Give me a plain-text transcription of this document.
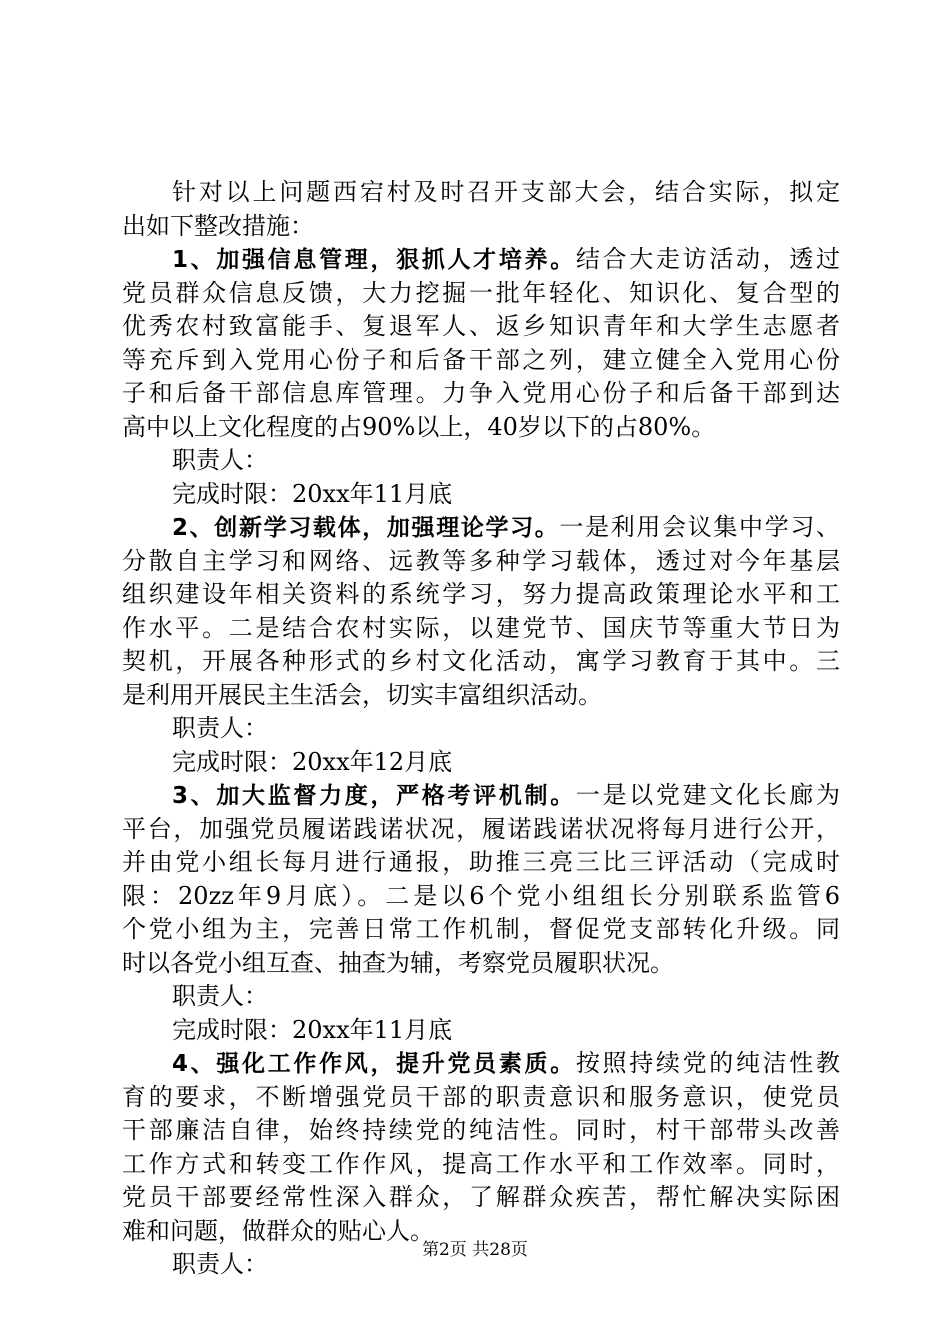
针对以上问题西宕村及时召开支部大会，结合实际，拟定
出如下整改措施：
1、加强信息管理，狠抓人才培养。结合大走访活动，透过
党员群众信息反馈，大力挖掘一批年轻化、知识化、复合型的
优秀农村致富能手、复退军人、返乡知识青年和大学生志愿者
等充斥到入党用心份子和后备干部之列，建立健全入党用心份
子和后备干部信息库管理。力争入党用心份子和后备干部到达
高中以上文化程度的占90%以上，40岁以下的占80%。
职责人：
完成时限：20xx年11月底
2、创新学习载体，加强理论学习。一是利用会议集中学习、
分散自主学习和网络、远教等多种学习载体，透过对今年基层
组织建设年相关资料的系统学习，努力提高政策理论水平和工
作水平。二是结合农村实际，以建党节、国庆节等重大节日为
契机，开展各种形式的乡村文化活动，寓学习教育于其中。三
是利用开展民主生活会，切实丰富组织活动。
职责人：
完成时限：20xx年12月底
3、加大监督力度，严格考评机制。一是以党建文化长廊为
平台，加强党员履诺践诺状况，履诺践诺状况将每月进行公开，
并由党小组长每月进行通报，助推三亮三比三评活动（完成时
限：20zz年9月底）。二是以6个党小组组长分别联系监管6
个党小组为主，完善日常工作机制，督促党支部转化升级。同
时以各党小组互查、抽查为辅，考察党员履职状况。
职责人：
完成时限：20xx年11月底
4、强化工作作风，提升党员素质。按照持续党的纯洁性教
育的要求，不断增强党员干部的职责意识和服务意识，使党员
干部廉洁自律，始终持续党的纯洁性。同时，村干部带头改善
工作方式和转变工作作风，提高工作水平和工作效率。同时，
党员干部要经常性深入群众，了解群众疾苦，帮忙解决实际困
难和问题，做群众的贴心人。
职责人：	第2页 共28页
